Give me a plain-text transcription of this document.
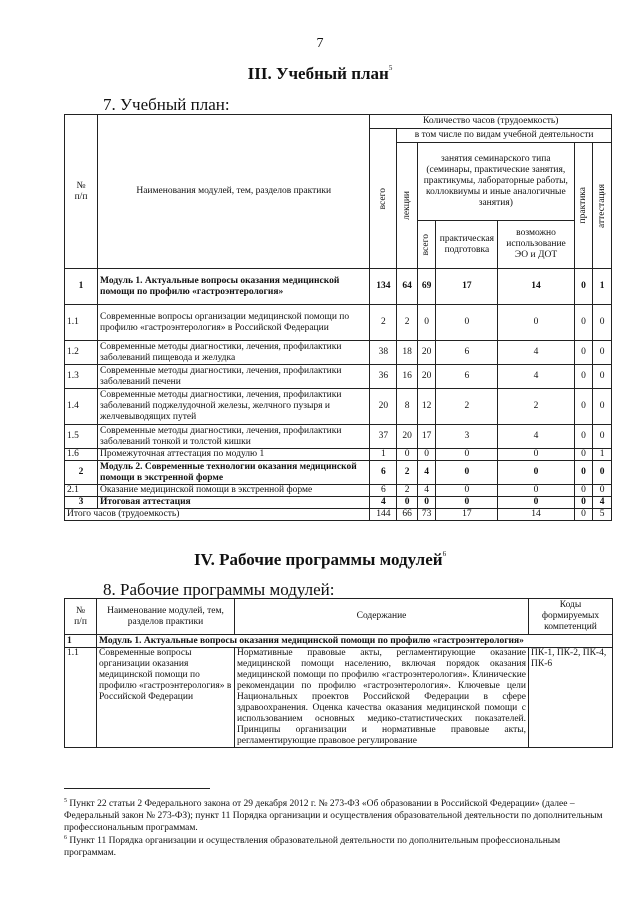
7
III. Учебный план$^5$
7. Учебный план:
№
п/п	Наименования модулей, тем, разделов практики	Количество часов (трудоемкость)						

		всего	в том числе по видам учебной деятельности					

			лекции	занятия семинарского типа (семинары, практические занятия, практикумы, лабораторные работы, коллоквиумы и иные аналогичные занятия)			практика	аттестация

				всего	практическая подготовка	возможно использование ЭО и ДОТ		
1	Модуль 1. Актуальные вопросы оказания медицинской помощи по профилю «гастроэнтерология»	134	64	69	17	14	0	1
1.1	Современные вопросы организации медицинской помощи по профилю «гастроэнтерология» в Российской Федерации	2	2	0	0	0	0	0
1.2	Современные методы диагностики, лечения, профилактики заболеваний пищевода и желудка	38	18	20	6	4	0	0
1.3	Современные методы диагностики, лечения, профилактики заболеваний печени	36	16	20	6	4	0	0
1.4	Современные методы диагностики, лечения, профилактики заболеваний поджелудочной железы, желчного пузыря и желчевыводящих путей	20	8	12	2	2	0	0
1.5	Современные методы диагностики, лечения, профилактики заболеваний тонкой и толстой кишки	37	20	17	3	4	0	0
1.6	Промежуточная аттестация по модулю 1	1	0	0	0	0	0	1
2	Модуль 2. Современные технологии оказания медицинской помощи в экстренной форме	6	2	4	0	0	0	0
2.1	Оказание медицинской помощи в экстренной форме	6	2	4	0	0	0	0
3	Итоговая аттестация	4	0	0	0	0	0	4
Итого часов (трудоемкость)		144	66	73	17	14	0	5
IV. Рабочие программы модулей$^6$
8. Рабочие программы модулей:
№
п/п	Наименование модулей, тем, разделов практики	Содержание	Коды формируемых компетенций
1	Модуль 1. Актуальные вопросы оказания медицинской помощи по профилю «гастроэнтерология»		
1.1	Современные вопросы организации оказания медицинской помощи по профилю «гастроэнтерология» в Российской Федерации	Нормативные правовые акты, регламентирующие оказание медицинской помощи населению, включая порядок оказания медицинской помощи по профилю «гастроэнтерология». Клинические рекомендации по профилю «гастроэнтерология». Ключевые цели Национальных проектов Российской Федерации в сфере здравоохранения. Оценка качества оказания медицинской помощи с использованием основных медико-статистических показателей. Принципы организации и нормативные правовые акты, регламентирующие правовое регулирование	ПК-1, ПК-2, ПК-4, ПК-6
$^5$ Пункт 22 статьи 2 Федерального закона от 29 декабря 2012 г. № 273-ФЗ «Об образовании в Российской Федерации» (далее – Федеральный закон № 273-ФЗ); пункт 11 Порядка организации и осуществления образовательной деятельности по дополнительным профессиональным программам.
$^6$ Пункт 11 Порядка организации и осуществления образовательной деятельности по дополнительным профессиональным программам.
